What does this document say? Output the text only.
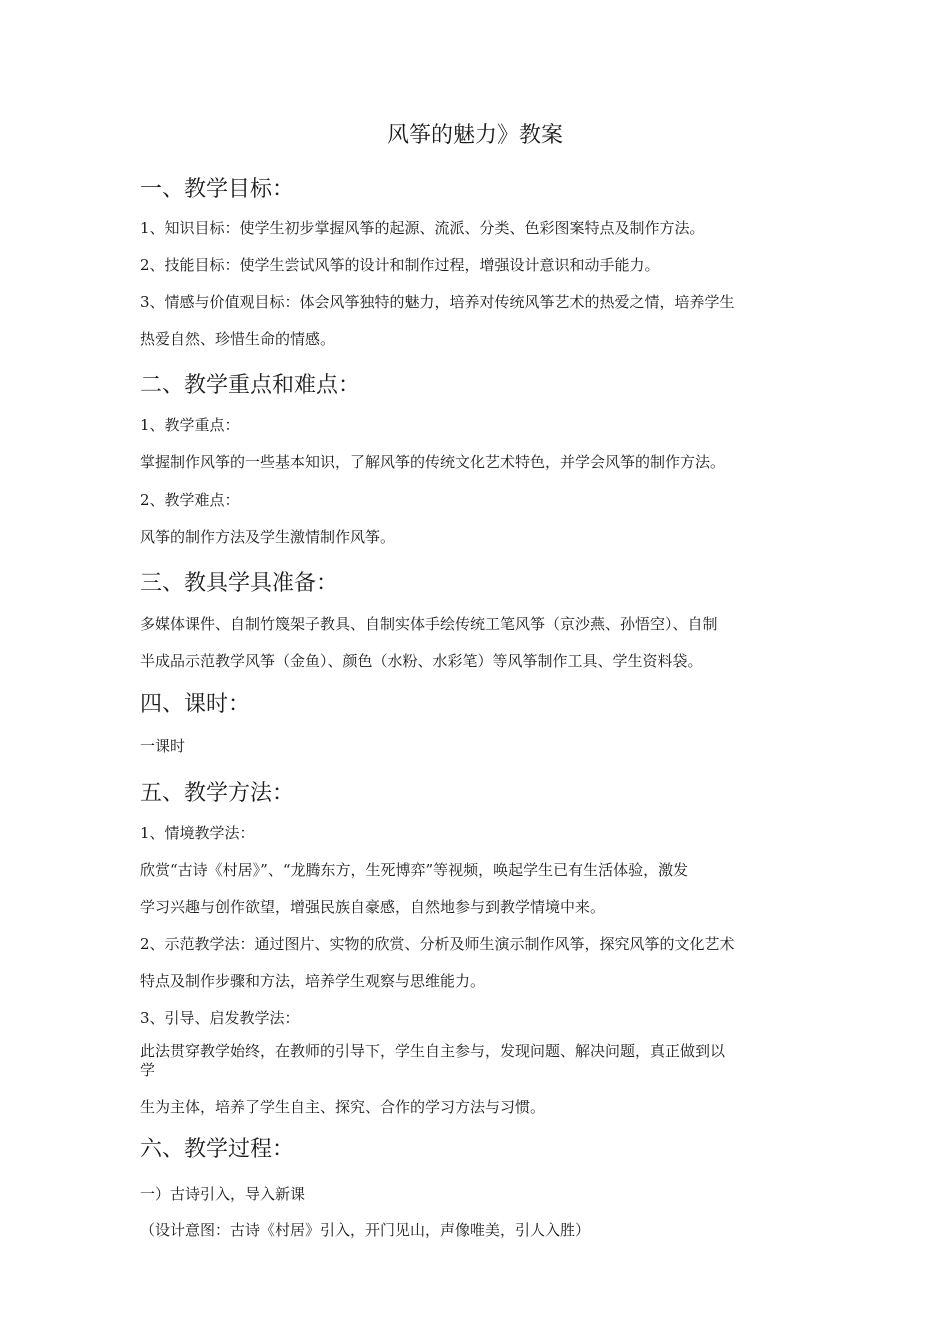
风筝的魅力》教案
一、教学目标：
1、知识目标：使学生初步掌握风筝的起源、流派、分类、色彩图案特点及制作方法。
2、技能目标：使学生尝试风筝的设计和制作过程，增强设计意识和动手能力。
3、情感与价值观目标：体会风筝独特的魅力，培养对传统风筝艺术的热爱之情，培养学生
热爱自然、珍惜生命的情感。
二、教学重点和难点：
1、教学重点：
掌握制作风筝的一些基本知识，了解风筝的传统文化艺术特色，并学会风筝的制作方法。
2、教学难点：
风筝的制作方法及学生激情制作风筝。
三、教具学具准备：
多媒体课件、自制竹篾架子教具、自制实体手绘传统工笔风筝（京沙燕、孙悟空）、自制
半成品示范教学风筝（金鱼）、颜色（水粉、水彩笔）等风筝制作工具、学生资料袋。
四、课时：
一课时
五、教学方法：
1、情境教学法：
欣赏“古诗《村居》”、“龙腾东方，生死博弈”等视频，唤起学生已有生活体验，激发
学习兴趣与创作欲望，增强民族自豪感，自然地参与到教学情境中来。
2、示范教学法：通过图片、实物的欣赏、分析及师生演示制作风筝，探究风筝的文化艺术
特点及制作步骤和方法，培养学生观察与思维能力。
3、引导、启发教学法：
此法贯穿教学始终，在教师的引导下，学生自主参与，发现问题、解决问题，真正做到以
学
生为主体，培养了学生自主、探究、合作的学习方法与习惯。
六、教学过程：
一）古诗引入，导入新课
（设计意图：古诗《村居》引入，开门见山，声像唯美，引人入胜）
